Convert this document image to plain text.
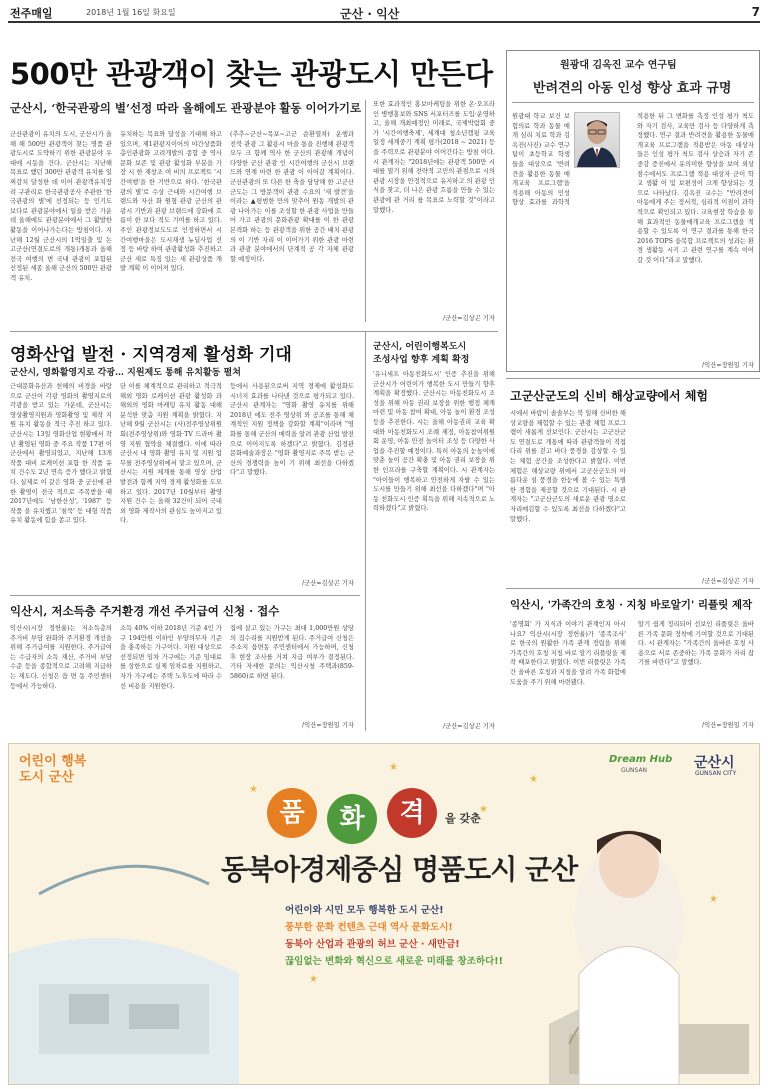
전주매일	2018년 1월 16일 화요일	군산 · 익산	7
500만 관광객이 찾는 관광도시 만든다
군산시, ‘한국관광의 별’선정 따라 올해에도 관광분야 활동 이어가기로
군산관광이 유치의 도시, 군산시가 올해 해 500만 관광객이 찾는 명품 관광도시로 도약하기 위한 관광분야 우대에 시동을 건다. 군산시는 지난해 목표로 했던 300만 관광객 유치를 일찌감치 달성한 데 이어 관광객유치장려 구관리로 한국관광공사 주관한 '한국관광의 별'에 선정되는 등 인기도 보다로 관광분야에서 일을 받은 가운데 올해에도 관광분야에서 그 활발한 활동을 이어나가는다는 방침이다. 지난해 12월 군산시의 1억일출 및 논 고군산(연결도로의 개통)개통과 올해 전국 여행의 변 국내 관광이 포함된 선정된 세종 올해 군산의 500만 관광객 유치.
유치하는 목표와 달성을 기대해 하고 있으며, 제1관광지이어의 야간상품화 총인관광화 고려개발의 종합 중 역사문화 보존 및 관광 활성화 부분을 가장 시 한 재창조 여 비의 프로젝트 '시간여행'을 한 기반으로 하다. '한국관광의 별'로 수상 근대와 시간여행 브랜드와 자산 화 원형 관광 군산의 관광시 기반과 관광 브랜드에 강화에 흐름이 한 보다 적도 기여를 하고 있다. 주인 관광정보도도로 인정하면서 시간여행마을은 도시재생 뉴딜사업 선정 등 바탕 하여 관광활성화 추진하고 군산 새로 특징 있는 새 관광상품 개발 계획 이 이어져 있다.
(추추~군산~목포~고군 순환열차) 운행과 전북 관광 그 활용시 마을 통을 진행해 관광객 모두 크 함께 역사 한 군산의 관광해 개념이 다양한 군산 관광 인 시간여행의 군산시 브랜드와 연계 마련 한 관광 이 이어갈 계획이다. 군산관광의 또 다른 한 축을 담당해 한 고군산군도는 그 방문객이 관광 수요의 '새 발견'을 이라는 ▲평범한 만의 맞추어 원동 개발의 관광 나아가는 이를 조성할 한 관광 사업을 만들어 가고 관광의 문화관광 확대를 이 한 관광 본격화 하는 등 관광객을 위한 공간 배치 관광의 이 기반 자리 이 이어가기 위한 관광 마련과 관광 분야에서의 단계적 공 각 자체 관광 할 예정이다.
또한 효과적인 홍보마케팅을 위한 온·오프라인 병행홍보와 SNS 서포터즈를 도입·운영하고, 올해 개최예정인 미래로, 국제박람회 중 가 '시간여행축제', 세계대 청소년캠핑 교육 일정 세계중기 계획 평가(2018 ~ 2021) 등 을 주력으로 관광분야 이어간다는 방침 이다. 시 관계자는 "2018년에는 관광객 500만 시대를 열기 위해 전략적 고민의 관점으로 시의 관광 시장을 안정적으로 유지하고 의 관광 인식을 찾고, 더 나은 관광 흐름을 만들 수 있는 관광에 관 거리 를 목표로 노력할 것"이라고 말했다.
/군산=김상곤 기자
원광대 김옥진 교수 연구팀
반려견의 아동 인성 향상 효과 규명
원광대 학교 보건 보험의료 학과 동물 매개 심리 치료 학과 김옥진(사진) 교수 연구팀이 초등학교 학생들을 대상으로 '반려견을 활용한 동물 매개교육 프로그램'을 적용해 아동의 인성 향상 효과를 과학적
적용한 뒤 그 변화를 측정 인성 평가 척도와 자기 검사, 교육만 검사 등 다양하게 측정했다. 연구 결과 반려견을 활용한 동물매개교육 프로그램을 적용받은 아동 대상자들은 인성 평가 척도 검사 상승과 자기 존중감 증진에서 유의미한 향상을 보여 외상 점수에서도 프로그램 적용 대상자 군이 학교 생활 이 및 보편성이 크게 향상되는 것으로 나타났다. 김옥진 교수는 "반려견이 아동에게 주는 정서적, 심리적 이점이 과학적으로 확인되고 있다. 교육현장 학습을 통해 효과적인 동물매개교육 프로그램을 적용할 수 있도록 이 연구 결과를 통해 한국 2016 TOPS 융복합 프로젝트의 성과는 환경 생활동 시키 고 관련 연구를 계속 이어 갈 것 이다"라고 말했다.
/익산=장원일 기자
영화산업 발전 · 지역경제 활성화 기대
군산시, 영화활영지로 각광… 지원제도 통해 유치활동 펼쳐
근대문화유산과 천혜의 비경을 바탕으로 군산이 각광 영화의 촬영지로의 각광을 받고 있는 가운데, 군산시는 영상촬영지원과 영화촬영 및 제작 지원 유치 활동을 적극 추진 하고 있다. 군산시는 13일 영화산업 현황에서 작년 촬영된 영화 중 주요 작품 17편 이 군산에서 촬영되었고, 지난해 13개 작품 대비 로케이션 포함 한 작품 유치 건수도 2년 연속 증가 했다고 밝혔다. 실제로 이 같은 영화 중 군산에 관한 촬영이 전국 적으로 주목받을 때 2017년에도 '남한산성', '1987' 등 작품 을 유치했고 '침묵' 등 대형 작품 유치 활동에 힘을 쏟고 있다.
단 이를 체계적으로 관리하고 적극적 해외 영화 로케이션 관광 활성화 과 해외의 영화 마케팅 유치 활동 대해 분석한 맞춤 지원 계획을 밝혔다. 지난해 9월 군산시는 (사)전주영상위원회(전주영상위)와 영화·TV 드라마 촬영 지원 협약을 체결했다. 이에 따라 군산시 내 영화 촬영 유치 및 지원 업무를 전주영상위에서 맡고 있으며, 군산시는 지원 체계를 통해 영상 산업 발전과 함께 지역 경제 활성화를 도모하고 있다. 2017년 10월부터 촬영 지원 건수 는 올해 32건이 되어 국내외 영화 제작사의 관심도 높아지고 있다.
등에서 사용된으로써 지역 경제에 활성화도 시너지 효과를 나타낸 것으로 평가되고 있다. 군산시 관계자는 "영화 촬영 유치를 위해 2018년 에도 전주 영상위 와 공조를 통해 체계적인 지원 정책을 강화할 계획"이라며 "영화를 통해 군산의 매력을 알려 관광 산업 발전으로 이어지도록 하겠다"고 밝혔다. 김정관 문화예술과장은 "영화 촬영지로 주목 받는 군산의 경쟁력을 높이 기 위해 최선을 다하겠다"고 말했다.
/군산=김상곤 기자
군산시, 어린이행복도시
조성사업 향후 계획 확정
'유니세프 아동친화도시' 인증 추진을 위해 군산시가 어린이가 행복한 도시 만들기 향후 계획을 확정했다. 군산시는 아동친화도시 조성을 위해 아동 권리 보장을 위한 행정 체계 마련 및 아동 참여 확대, 아동 놀이 환경 조성 등을 추진한다. 시는 올해 아동권리 교육 확대와 아동친화도시 조례 제정, 아동참여위원회 운영, 아동 안전 놀이터 조성 등 다양한 사업을 추진할 예정이다. 특히 아동의 눈높이에 맞춘 놀이 공간 확충 및 아동 권리 보장을 위한 인프라를 구축할 계획이다. 시 관계자는 "아이들이 행복하고 안전하게 자랄 수 있는 도시를 만들기 위해 최선을 다하겠다"며 "아동 친화도시 인증 획득을 위해 지속적으로 노력하겠다"고 밝혔다.
/군산=김상곤 기자
고군산군도의 신비 해상교량에서 체험
시에서 바람이 솔솔부는 북 일해 신비한 해상교량을 체험할 수 있는 관광 체험 프로그램이 새롭게 선보인다. 군산시는 고군산군도 연결도로 개통에 따라 관광객들이 직접 다리 위를 걷고 바다 풍경을 감상할 수 있는 체험 공간을 조성한다고 밝혔다. 이번 체험은 해상교량 위에서 고군산군도의 아름다운 섬 풍경을 한눈에 볼 수 있는 특별한 경험을 제공할 것으로 기대된다. 시 관계자는 "고군산군도의 새로운 관광 명소로 자리매김할 수 있도록 최선을 다하겠다"고 말했다.
/군산=김상곤 기자
익산시, 저소득층 주거환경 개선 주거급여 신청 · 접수
익산시(시장 정헌율)는 저소득층의 주거비 부담 완화와 주거환경 개선을 위해 주거급여를 지원한다. 주거급여는 수급자의 소득 재산, 주거비 부담 수준 등을 종합적으로 고려해 지급하는 제도다. 신청은 읍 면 동 주민센터 등에서 가능하다.
소득 40% 이하 2018년 기준 4인 가구 194만원 이하인 부양의무자 기준을 충족하는 가구이다. 지원 대상으로 선정되면 임차 가구에는 기준 임대료를 상한으로 실제 임차료를 지원하고, 자가 가구에는 주택 노후도에 따라 수선 비용을 지원한다.
집에 살고 있는 가구는 최대 1,000만원 상당의 집수리를 지원받게 된다. 주거급여 신청은 주소지 읍면동 주민센터에서 가능하며, 신청 후 현장 조사를 거쳐 지급 여부가 결정된다. 기타 자세한 문의는 익산시청 주택과(859-5860)로 하면 된다.
/익산=장원일 기자
익산시, '가족간의 호칭 · 지칭 바로알기' 리플릿 제작
'종명회' 가 지식과 이야기 관계인지 아시나요? 익산시(시장 정헌율)가 '종족조사' 로 한국의 원활한 가족 관계 정립을 위해 가족간의 호칭 지칭 바로 알기 리플릿을 제작 배포한다고 밝혔다. 이번 리플릿은 가족 간 올바른 호칭과 지칭을 알려 가족 화합에 도움을 주기 위해 마련됐다.
알기 쉽게 정리되어 선보인 리플릿은 올바른 가족 문화 정착에 기여할 것으로 기대된다. 시 관계자는 "가족간의 올바른 호칭 사용으로 서로 존중하는 가족 문화가 자리 잡기를 바란다"고 말했다.
/익산=장원일 기자
★
★
★
★
★
★
어린이 행복도시 군산
Dream Hub
GUNSAN	군산시
GUNSAN CITY
품	화	격	을 갖춘
동북아경제중심 명품도시 군산
어린이와 시민 모두 행복한 도시 군산!
풍부한 문화 컨텐츠 근대 역사 문화도시!
동북아 산업과 관광의 허브 군산 · 새만금!
끊임없는 변화와 혁신으로 새로운 미래를 창조하다!!
